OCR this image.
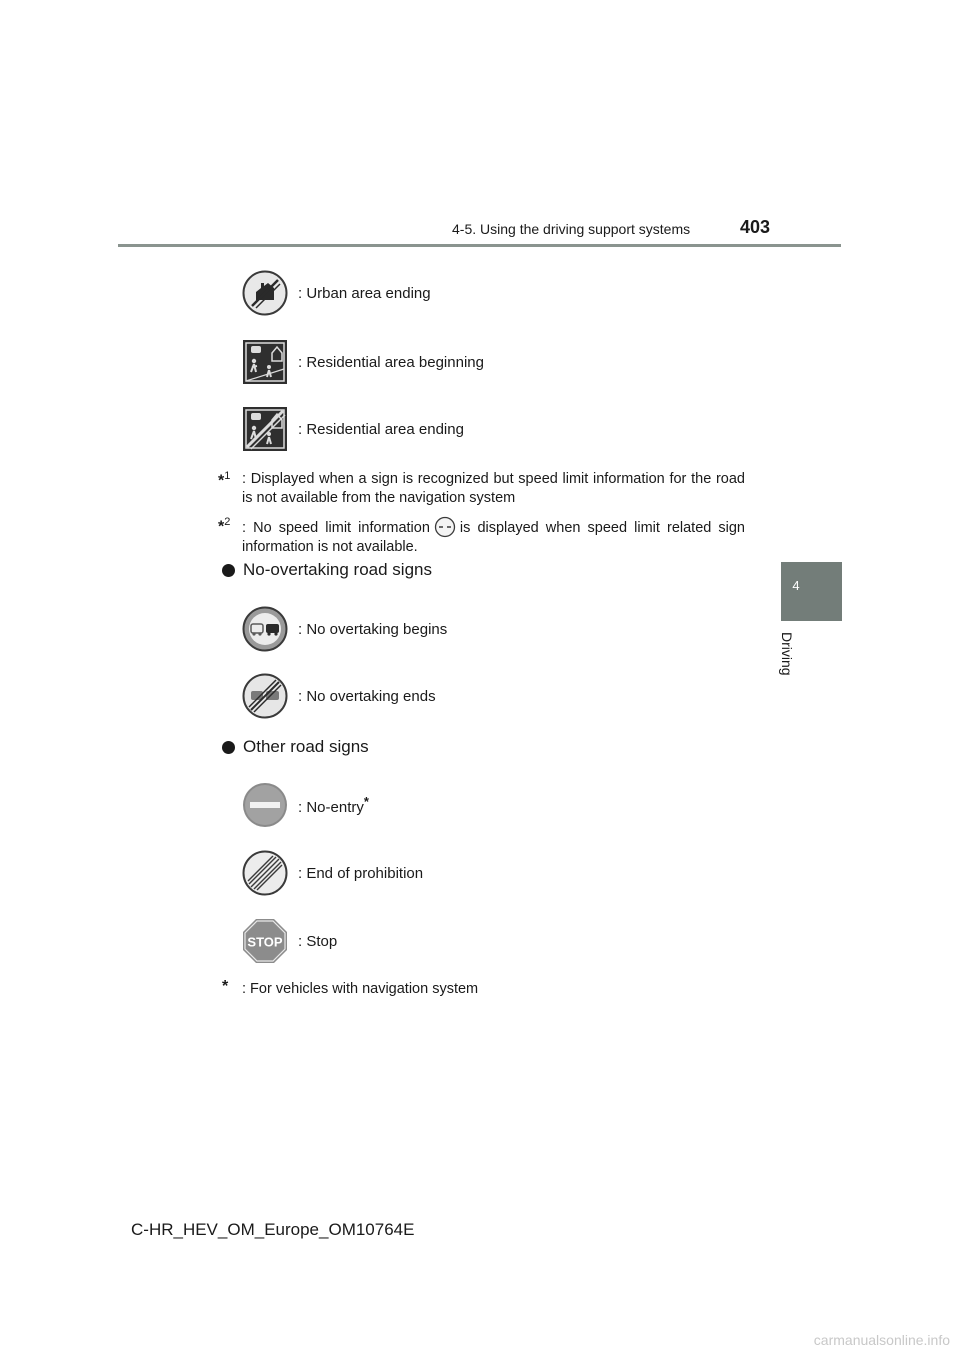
4-5. Using the driving support systems	403
4
Driving
: Urban area ending
: Residential area beginning
: Residential area ending
*$^1$ : Displayed when a sign is recognized but speed limit information for the road is not available from the navigation system
*$^2$ : No speed limit information is displayed when speed limit related sign information is not available.
No-overtaking road signs
: No overtaking begins
: No overtaking ends
Other road signs
: No-entry*
: End of prohibition
STOP : Stop
* : For vehicles with navigation system
C-HR_HEV_OM_Europe_OM10764E
carmanualsonline.info
